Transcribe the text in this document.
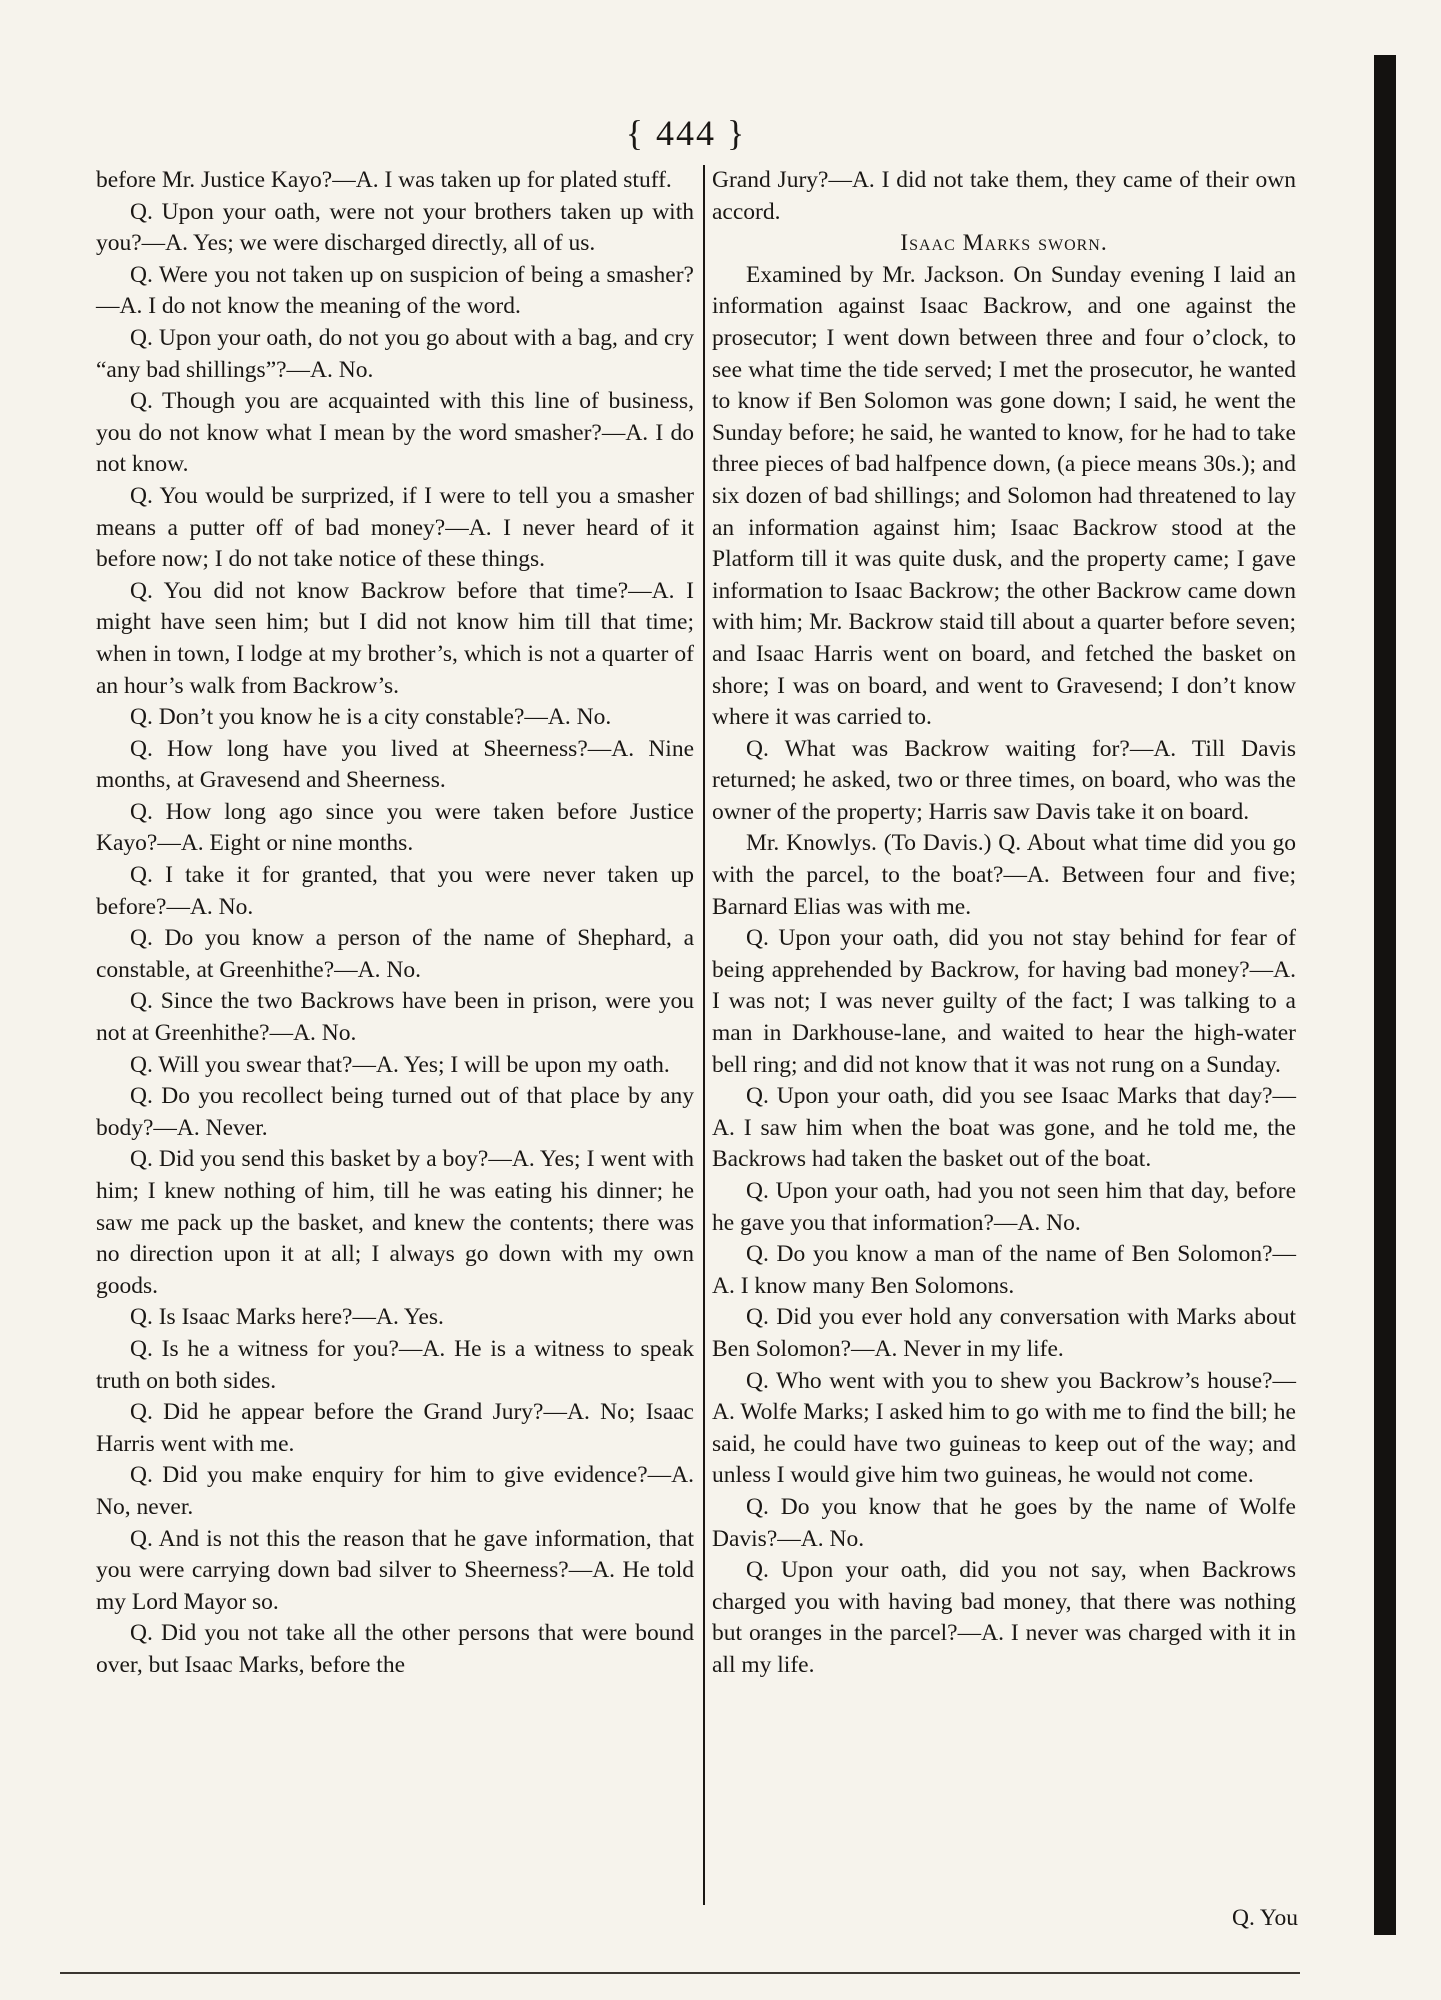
{ 444 }

before Mr. Justice Kayo?—A. I was taken up for plated stuff.

Q. Upon your oath, were not your brothers taken up with you?—A. Yes; we were discharged directly, all of us.

Q. Were you not taken up on suspicion of being a smasher?—A. I do not know the meaning of the word.

Q. Upon your oath, do not you go about with a bag, and cry “any bad shillings”?—A. No.

Q. Though you are acquainted with this line of business, you do not know what I mean by the word smasher?—A. I do not know.

Q. You would be surprized, if I were to tell you a smasher means a putter off of bad money?—A. I never heard of it before now; I do not take notice of these things.

Q. You did not know Backrow before that time?—A. I might have seen him; but I did not know him till that time; when in town, I lodge at my brother’s, which is not a quarter of an hour’s walk from Backrow’s.

Q. Don’t you know he is a city constable?—A. No.

Q. How long have you lived at Sheerness?—A. Nine months, at Gravesend and Sheerness.

Q. How long ago since you were taken before Justice Kayo?—A. Eight or nine months.

Q. I take it for granted, that you were never taken up before?—A. No.

Q. Do you know a person of the name of Shephard, a constable, at Greenhithe?—A. No.

Q. Since the two Backrows have been in prison, were you not at Greenhithe?—A. No.

Q. Will you swear that?—A. Yes; I will be upon my oath.

Q. Do you recollect being turned out of that place by any body?—A. Never.

Q. Did you send this basket by a boy?—A. Yes; I went with him; I knew nothing of him, till he was eating his dinner; he saw me pack up the basket, and knew the contents; there was no direction upon it at all; I always go down with my own goods.

Q. Is Isaac Marks here?—A. Yes.

Q. Is he a witness for you?—A. He is a witness to speak truth on both sides.

Q. Did he appear before the Grand Jury?—A. No; Isaac Harris went with me.

Q. Did you make enquiry for him to give evidence?—A. No, never.

Q. And is not this the reason that he gave information, that you were carrying down bad silver to Sheerness?—A. He told my Lord Mayor so.

Q. Did you not take all the other persons that were bound over, but Isaac Marks, before the

Grand Jury?—A. I did not take them, they came of their own accord.

Isaac Marks sworn.

Examined by Mr. Jackson. On Sunday evening I laid an information against Isaac Backrow, and one against the prosecutor; I went down between three and four o’clock, to see what time the tide served; I met the prosecutor, he wanted to know if Ben Solomon was gone down; I said, he went the Sunday before; he said, he wanted to know, for he had to take three pieces of bad halfpence down, (a piece means 30s.); and six dozen of bad shillings; and Solomon had threatened to lay an information against him; Isaac Backrow stood at the Platform till it was quite dusk, and the property came; I gave information to Isaac Backrow; the other Backrow came down with him; Mr. Backrow staid till about a quarter before seven; and Isaac Harris went on board, and fetched the basket on shore; I was on board, and went to Gravesend; I don’t know where it was carried to.

Q. What was Backrow waiting for?—A. Till Davis returned; he asked, two or three times, on board, who was the owner of the property; Harris saw Davis take it on board.

Mr. Knowlys. (To Davis.) Q. About what time did you go with the parcel, to the boat?—A. Between four and five; Barnard Elias was with me.

Q. Upon your oath, did you not stay behind for fear of being apprehended by Backrow, for having bad money?—A. I was not; I was never guilty of the fact; I was talking to a man in Darkhouse-lane, and waited to hear the high-water bell ring; and did not know that it was not rung on a Sunday.

Q. Upon your oath, did you see Isaac Marks that day?—A. I saw him when the boat was gone, and he told me, the Backrows had taken the basket out of the boat.

Q. Upon your oath, had you not seen him that day, before he gave you that information?—A. No.

Q. Do you know a man of the name of Ben Solomon?—A. I know many Ben Solomons.

Q. Did you ever hold any conversation with Marks about Ben Solomon?—A. Never in my life.

Q. Who went with you to shew you Backrow’s house?—A. Wolfe Marks; I asked him to go with me to find the bill; he said, he could have two guineas to keep out of the way; and unless I would give him two guineas, he would not come.

Q. Do you know that he goes by the name of Wolfe Davis?—A. No.

Q. Upon your oath, did you not say, when Backrows charged you with having bad money, that there was nothing but oranges in the parcel?—A. I never was charged with it in all my life.

Q. You
